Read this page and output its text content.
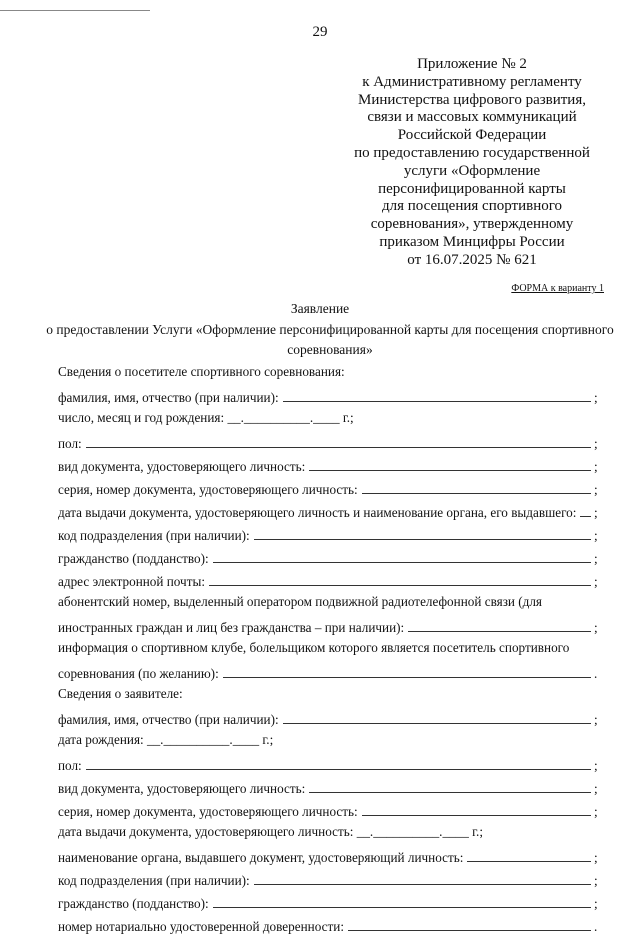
29
Приложение № 2
к Административному регламенту
Министерства цифрового развития,
связи и массовых коммуникаций
Российской Федерации
по предоставлению государственной
услуги «Оформление
персонифицированной карты
для посещения спортивного
соревнования», утвержденному
приказом Минцифры России
от 16.07.2025 № 621
ФОРМА к варианту 1
Заявление
о предоставлении Услуги «Оформление персонифицированной карты для посещения спортивного соревнования»
Сведения о посетителе спортивного соревнования:
фамилия, имя, отчество (при наличии):	;
число, месяц и год рождения: __.__________.____ г.;
пол:	;
вид документа, удостоверяющего личность:	;
серия, номер документа, удостоверяющего личность:	;
дата выдачи документа, удостоверяющего личность и наименование органа, его выдавшего: ;
код подразделения (при наличии):	;
гражданство (подданство):	;
адрес электронной почты:	;
абонентский номер, выделенный оператором подвижной радиотелефонной связи (для
иностранных граждан и лиц без гражданства – при наличии):	;
информация о спортивном клубе, болельщиком которого является посетитель спортивного
соревнования (по желанию):	.
Сведения о заявителе:
фамилия, имя, отчество (при наличии):	;
дата рождения: __.__________.____ г.;
пол:	;
вид документа, удостоверяющего личность:	;
серия, номер документа, удостоверяющего личность:	;
дата выдачи документа, удостоверяющего личность: __.__________.____ г.;
наименование органа, выдавшего документ, удостоверяющий личность:	;
код подразделения (при наличии):	;
гражданство (подданство):	;
номер нотариально удостоверенной доверенности:	.
